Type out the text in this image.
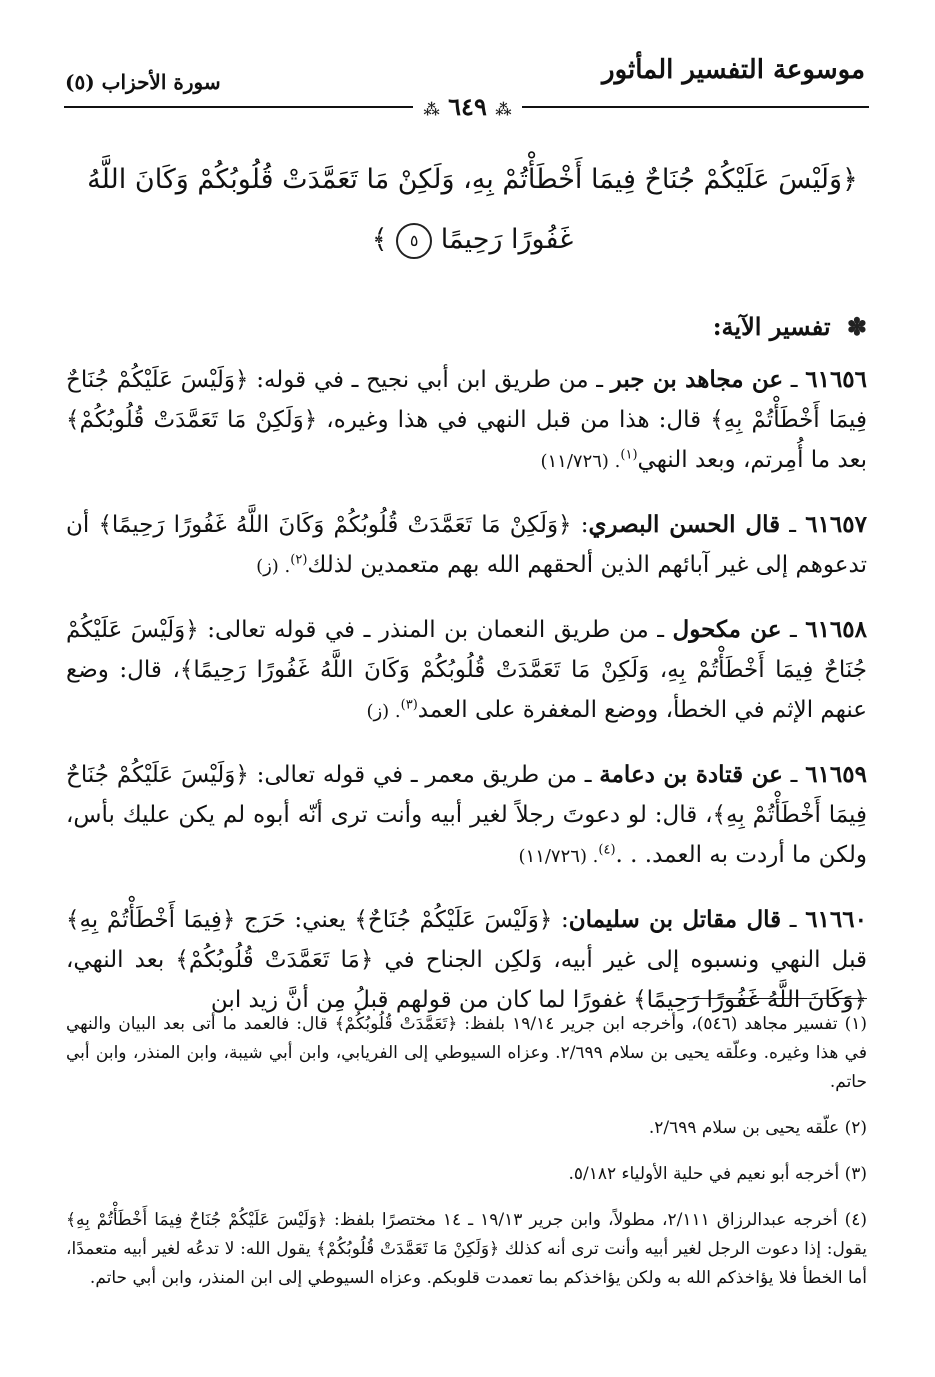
موسوعة التفسير المأثور
سورة الأحزاب (٥)
⁂ ٦٤٩ ⁂
﴿وَلَيْسَ عَلَيْكُمْ جُنَاحٌ فِيمَا أَخْطَأْتُمْ بِهِ، وَلَكِنْ مَا تَعَمَّدَتْ قُلُوبُكُمْ وَكَانَ اللَّهُ غَفُورًا رَحِيمًا ٥ ﴾
✽ تفسير الآية:

٦١٦٥٦ ـ عن مجاهد بن جبر ـ من طريق ابن أبي نجيح ـ في قوله: ﴿وَلَيْسَ عَلَيْكُمْ جُنَاحٌ فِيمَا أَخْطَأْتُمْ بِهِ﴾ قال: هذا من قبل النهي في هذا وغيره، ﴿وَلَكِنْ مَا تَعَمَّدَتْ قُلُوبُكُمْ﴾ بعد ما أُمِرتم، وبعد النهي$^{(١)}$. (١١/٧٢٦)

٦١٦٥٧ ـ قال الحسن البصري: ﴿وَلَكِنْ مَا تَعَمَّدَتْ قُلُوبُكُمْ وَكَانَ اللَّهُ غَفُورًا رَحِيمًا﴾ أن تدعوهم إلى غير آبائهم الذين ألحقهم الله بهم متعمدين لذلك$^{(٢)}$. (ز)

٦١٦٥٨ ـ عن مكحول ـ من طريق النعمان بن المنذر ـ في قوله تعالى: ﴿وَلَيْسَ عَلَيْكُمْ جُنَاحٌ فِيمَا أَخْطَأْتُمْ بِهِ، وَلَكِنْ مَا تَعَمَّدَتْ قُلُوبُكُمْ وَكَانَ اللَّهُ غَفُورًا رَحِيمًا﴾، قال: وضع عنهم الإثم في الخطأ، ووضع المغفرة على العمد$^{(٣)}$. (ز)

٦١٦٥٩ ـ عن قتادة بن دعامة ـ من طريق معمر ـ في قوله تعالى: ﴿وَلَيْسَ عَلَيْكُمْ جُنَاحٌ فِيمَا أَخْطَأْتُمْ بِهِ﴾، قال: لو دعوتَ رجلاً لغير أبيه وأنت ترى أنّه أبوه لم يكن عليك بأس، ولكن ما أردت به العمد. . .$^{(٤)}$. (١١/٧٢٦)

٦١٦٦٠ ـ قال مقاتل بن سليمان: ﴿وَلَيْسَ عَلَيْكُمْ جُنَاحٌ﴾ يعني: حَرَج ﴿فِيمَا أَخْطَأْتُمْ بِهِ﴾ قبل النهي ونسبوه إلى غير أبيه، وَلكِن الجناح في ﴿مَا تَعَمَّدَتْ قُلُوبُكُمْ﴾ بعد النهي، ﴿وَكَانَ اللَّهُ غَفُورًا رَحِيمًا﴾ غفورًا لما كان من قولهم قبلُ مِن أنَّ زيد ابن

(١) تفسير مجاهد (٥٤٦)، وأخرجه ابن جرير ١٩/١٤ بلفظ: ﴿تَعَمَّدَتْ قُلُوبُكُمْ﴾ قال: فالعمد ما أتى بعد البيان والنهي في هذا وغيره. وعلّقه يحيى بن سلام ٢/٦٩٩. وعزاه السيوطي إلى الفريابي، وابن أبي شيبة، وابن المنذر، وابن أبي حاتم.

(٢) علّقه يحيى بن سلام ٢/٦٩٩.

(٣) أخرجه أبو نعيم في حلية الأولياء ٥/١٨٢.

(٤) أخرجه عبدالرزاق ٢/١١١، مطولاً، وابن جرير ١٩/١٣ ـ ١٤ مختصرًا بلفظ: ﴿وَلَيْسَ عَلَيْكُمْ جُنَاحٌ فِيمَا أَخْطَأْتُمْ بِهِ﴾ يقول: إذا دعوت الرجل لغير أبيه وأنت ترى أنه كذلك ﴿وَلَكِنْ مَا تَعَمَّدَتْ قُلُوبُكُمْ﴾ يقول الله: لا تدعُه لغير أبيه متعمدًا، أما الخطأ فلا يؤاخذكم الله به ولكن يؤاخذكم بما تعمدت قلوبكم. وعزاه السيوطي إلى ابن المنذر، وابن أبي حاتم.
